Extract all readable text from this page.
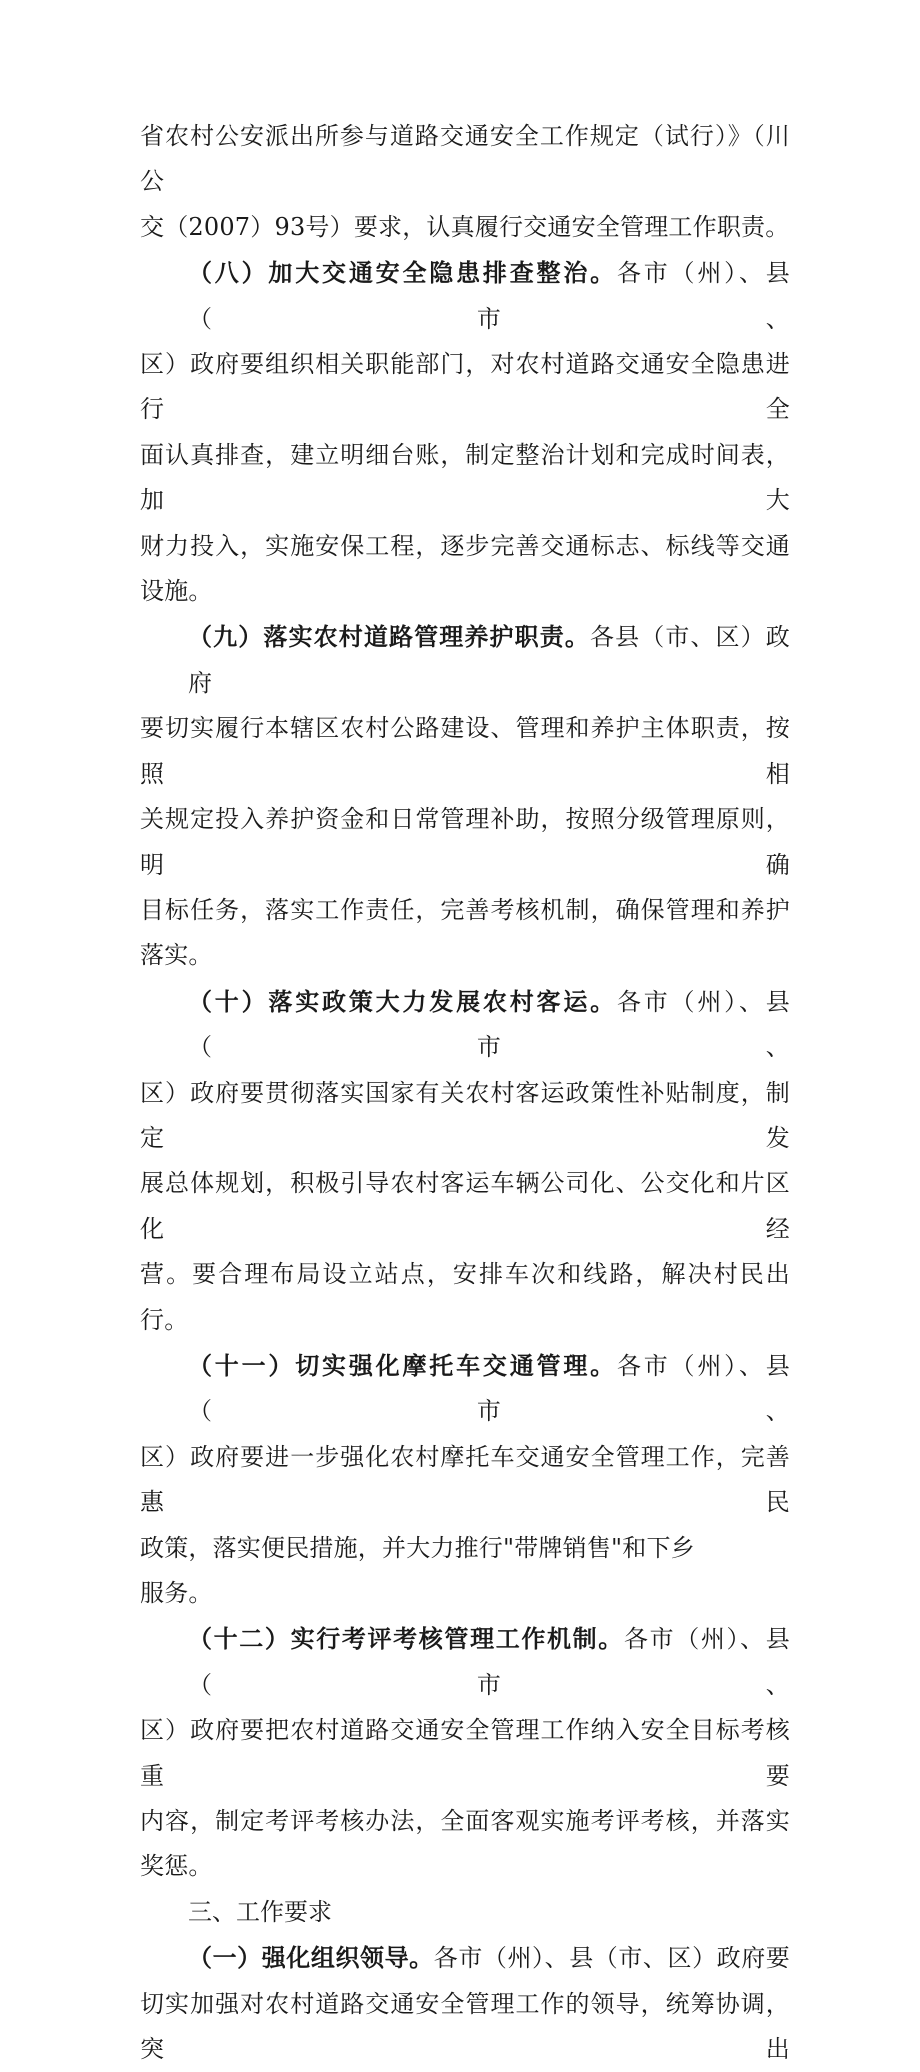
省农村公安派出所参与道路交通安全工作规定（试行）》（川公
交（2007）93号）要求，认真履行交通安全管理工作职责。

（八）加大交通安全隐患排查整治。各市（州）、县（市、
区）政府要组织相关职能部门，对农村道路交通安全隐患进行全
面认真排查，建立明细台账，制定整治计划和完成时间表，加大
财力投入，实施安保工程，逐步完善交通标志、标线等交通设施。

（九）落实农村道路管理养护职责。各县（市、区）政府
要切实履行本辖区农村公路建设、管理和养护主体职责，按照相
关规定投入养护资金和日常管理补助，按照分级管理原则，明确
目标任务，落实工作责任，完善考核机制，确保管理和养护落实。

（十）落实政策大力发展农村客运。各市（州）、县（市、
区）政府要贯彻落实国家有关农村客运政策性补贴制度，制定发
展总体规划，积极引导农村客运车辆公司化、公交化和片区化经
营。要合理布局设立站点，安排车次和线路，解决村民出行。

（十一）切实强化摩托车交通管理。各市（州）、县（市、
区）政府要进一步强化农村摩托车交通安全管理工作，完善惠民
政策，落实便民措施，并大力推行"带牌销售"和下乡
服务。

（十二）实行考评考核管理工作机制。各市（州）、县（市、
区）政府要把农村道路交通安全管理工作纳入安全目标考核重要
内容，制定考评考核办法，全面客观实施考评考核，并落实奖惩。

三、工作要求

（一）强化组织领导。各市（州）、县（市、区）政府要
切实加强对农村道路交通安全管理工作的领导，统筹协调，突出
